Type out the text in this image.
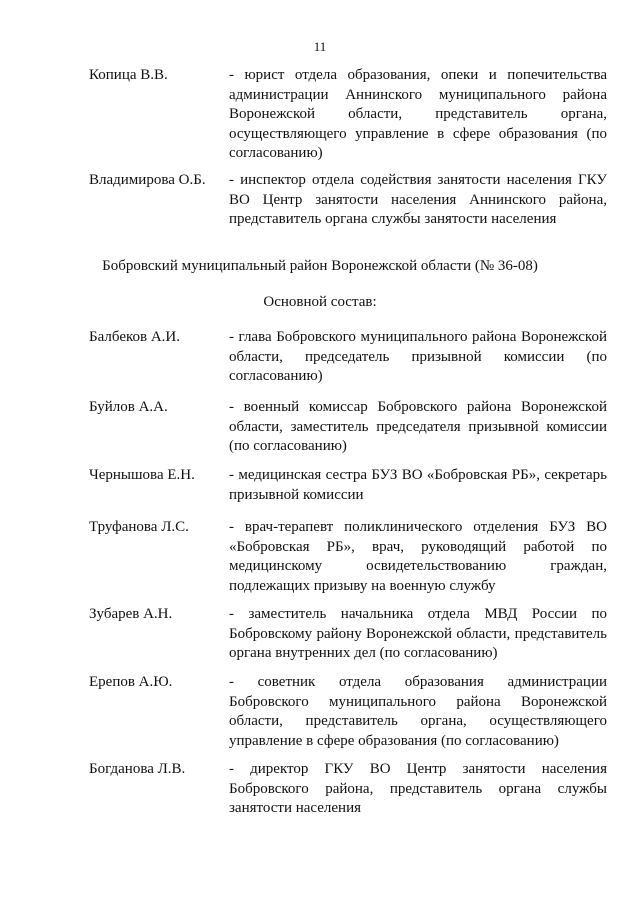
11
Копица В.В.	- юрист отдела образования, опеки и попечительства администрации Аннинского муниципального района Воронежской области, представитель органа, осуществляющего управление в сфере образования (по согласованию)
Владимирова О.Б. - инспектор отдела содействия занятости населения ГКУ ВО Центр занятости населения Аннинского района, представитель органа службы занятости населения
Бобровский муниципальный район Воронежской области (№ 36-08)
Основной состав:
Балбеков А.И.	- глава Бобровского муниципального района Воронежской области, председатель призывной комиссии (по согласованию)
Буйлов А.А.	- военный комиссар Бобровского района Воронежской области, заместитель председателя призывной комиссии (по согласованию)
Чернышова Е.Н. - медицинская сестра БУЗ ВО «Бобровская РБ», секретарь призывной комиссии
Труфанова Л.С.	- врач-терапевт поликлинического отделения БУЗ ВО «Бобровская РБ», врач, руководящий работой по медицинскому освидетельствованию граждан, подлежащих призыву на военную службу
Зубарев А.Н.	- заместитель начальника отдела МВД России по Бобровскому району Воронежской области, представитель органа внутренних дел (по согласованию)
Ерепов А.Ю.	- советник отдела образования администрации Бобровского муниципального района Воронежской области, представитель органа, осуществляющего управление в сфере образования (по согласованию)
Богданова Л.В.	- директор ГКУ ВО Центр занятости населения Бобровского района, представитель органа службы занятости населения
